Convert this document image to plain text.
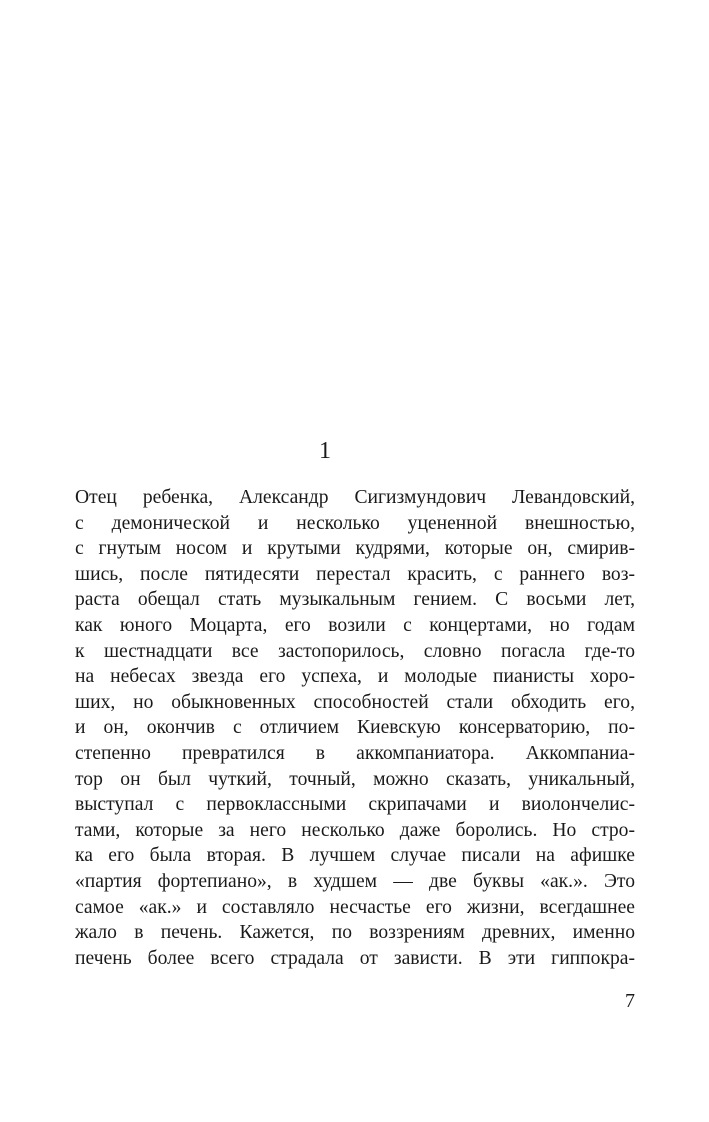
1
Отец ребенка, Александр Сигизмундович Левандовский,
с демонической и несколько уцененной внешностью,
с гнутым носом и крутыми кудрями, которые он, смирив-
шись, после пятидесяти перестал красить, с раннего воз-
раста обещал стать музыкальным гением. С восьми лет,
как юного Моцарта, его возили с концертами, но годам
к шестнадцати все застопорилось, словно погасла где-то
на небесах звезда его успеха, и молодые пианисты хоро-
ших, но обыкновенных способностей стали обходить его,
и он, окончив с отличием Киевскую консерваторию, по-
степенно превратился в аккомпаниатора. Аккомпаниа-
тор он был чуткий, точный, можно сказать, уникальный,
выступал с первоклассными скрипачами и виолончелис-
тами, которые за него несколько даже боролись. Но стро-
ка его была вторая. В лучшем случае писали на афишке
«партия фортепиано», в худшем — две буквы «ак.». Это
самое «ак.» и составляло несчастье его жизни, всегдашнее
жало в печень. Кажется, по воззрениям древних, именно
печень более всего страдала от зависти. В эти гиппокра-
7
